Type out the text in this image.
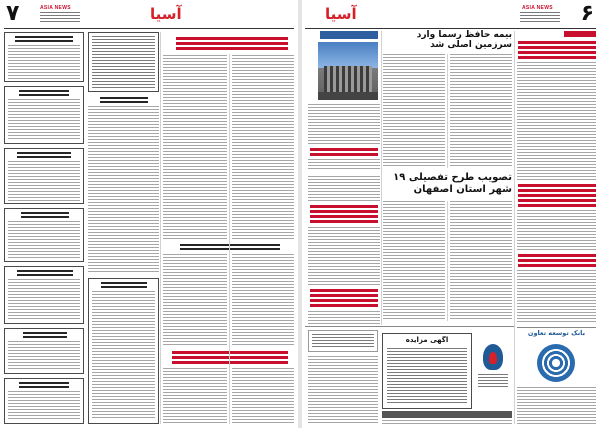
۷	ASIA NEWS	آسیا	۶
ASIA NEWS
آسیا
بیمه حافظ رسما وارد سرزمین اصلی شد
تصویب طرح تفصیلی ۱۹ شهر استان اصفهان
آگهی مزایده
بانک توسعه تعاون
